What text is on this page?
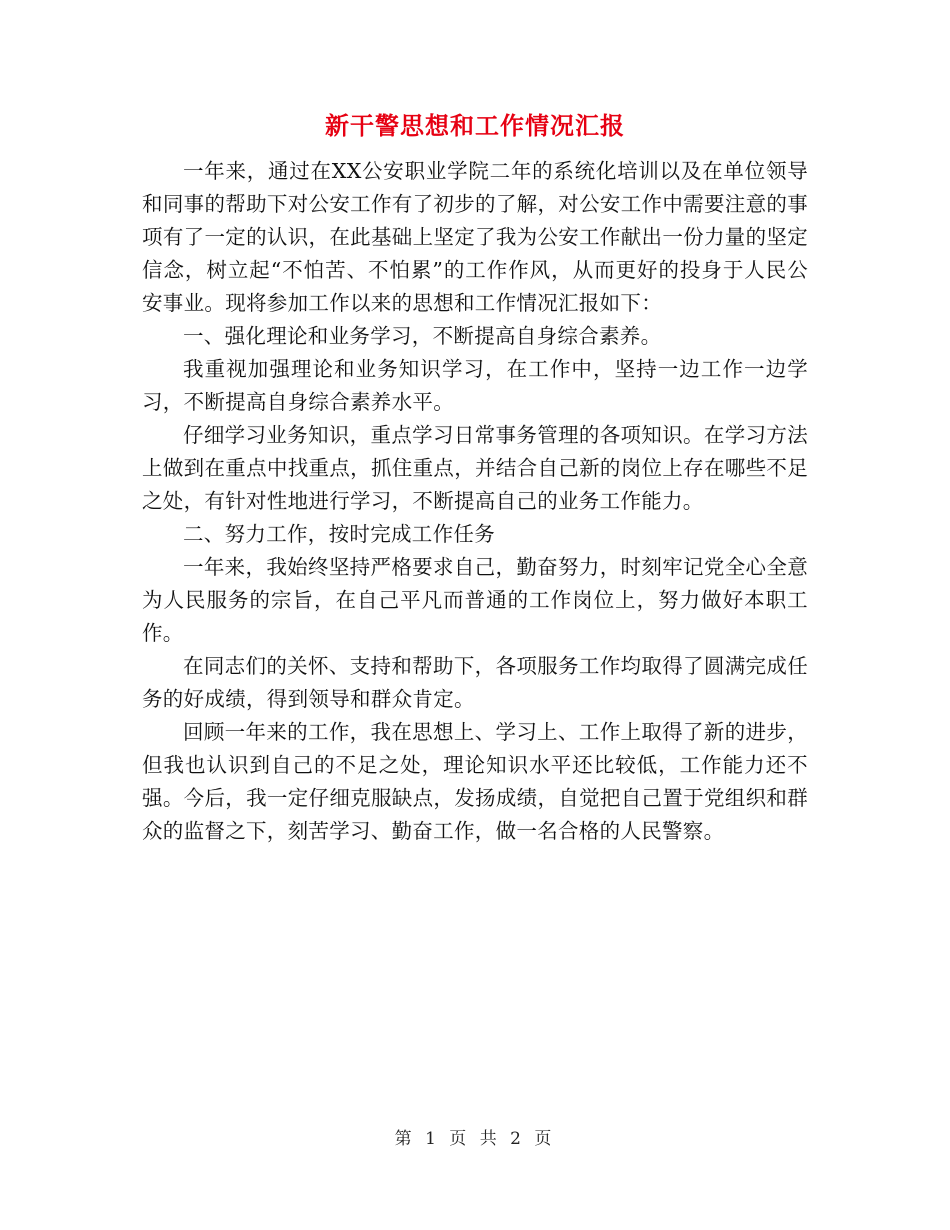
新干警思想和工作情况汇报

一年来，通过在XX公安职业学院二年的系统化培训以及在单位领导和同事的帮助下对公安工作有了初步的了解，对公安工作中需要注意的事项有了一定的认识，在此基础上坚定了我为公安工作献出一份力量的坚定信念，树立起“不怕苦、不怕累”的工作作风，从而更好的投身于人民公安事业。现将参加工作以来的思想和工作情况汇报如下：

一、强化理论和业务学习，不断提高自身综合素养。

我重视加强理论和业务知识学习，在工作中，坚持一边工作一边学习，不断提高自身综合素养水平。

仔细学习业务知识，重点学习日常事务管理的各项知识。在学习方法上做到在重点中找重点，抓住重点，并结合自己新的岗位上存在哪些不足之处，有针对性地进行学习，不断提高自己的业务工作能力。

二、努力工作，按时完成工作任务

一年来，我始终坚持严格要求自己，勤奋努力，时刻牢记党全心全意为人民服务的宗旨，在自己平凡而普通的工作岗位上，努力做好本职工作。

在同志们的关怀、支持和帮助下，各项服务工作均取得了圆满完成任务的好成绩，得到领导和群众肯定。

回顾一年来的工作，我在思想上、学习上、工作上取得了新的进步，但我也认识到自己的不足之处，理论知识水平还比较低，工作能力还不强。今后，我一定仔细克服缺点，发扬成绩，自觉把自己置于党组织和群众的监督之下，刻苦学习、勤奋工作，做一名合格的人民警察。

第 1 页 共 2 页
